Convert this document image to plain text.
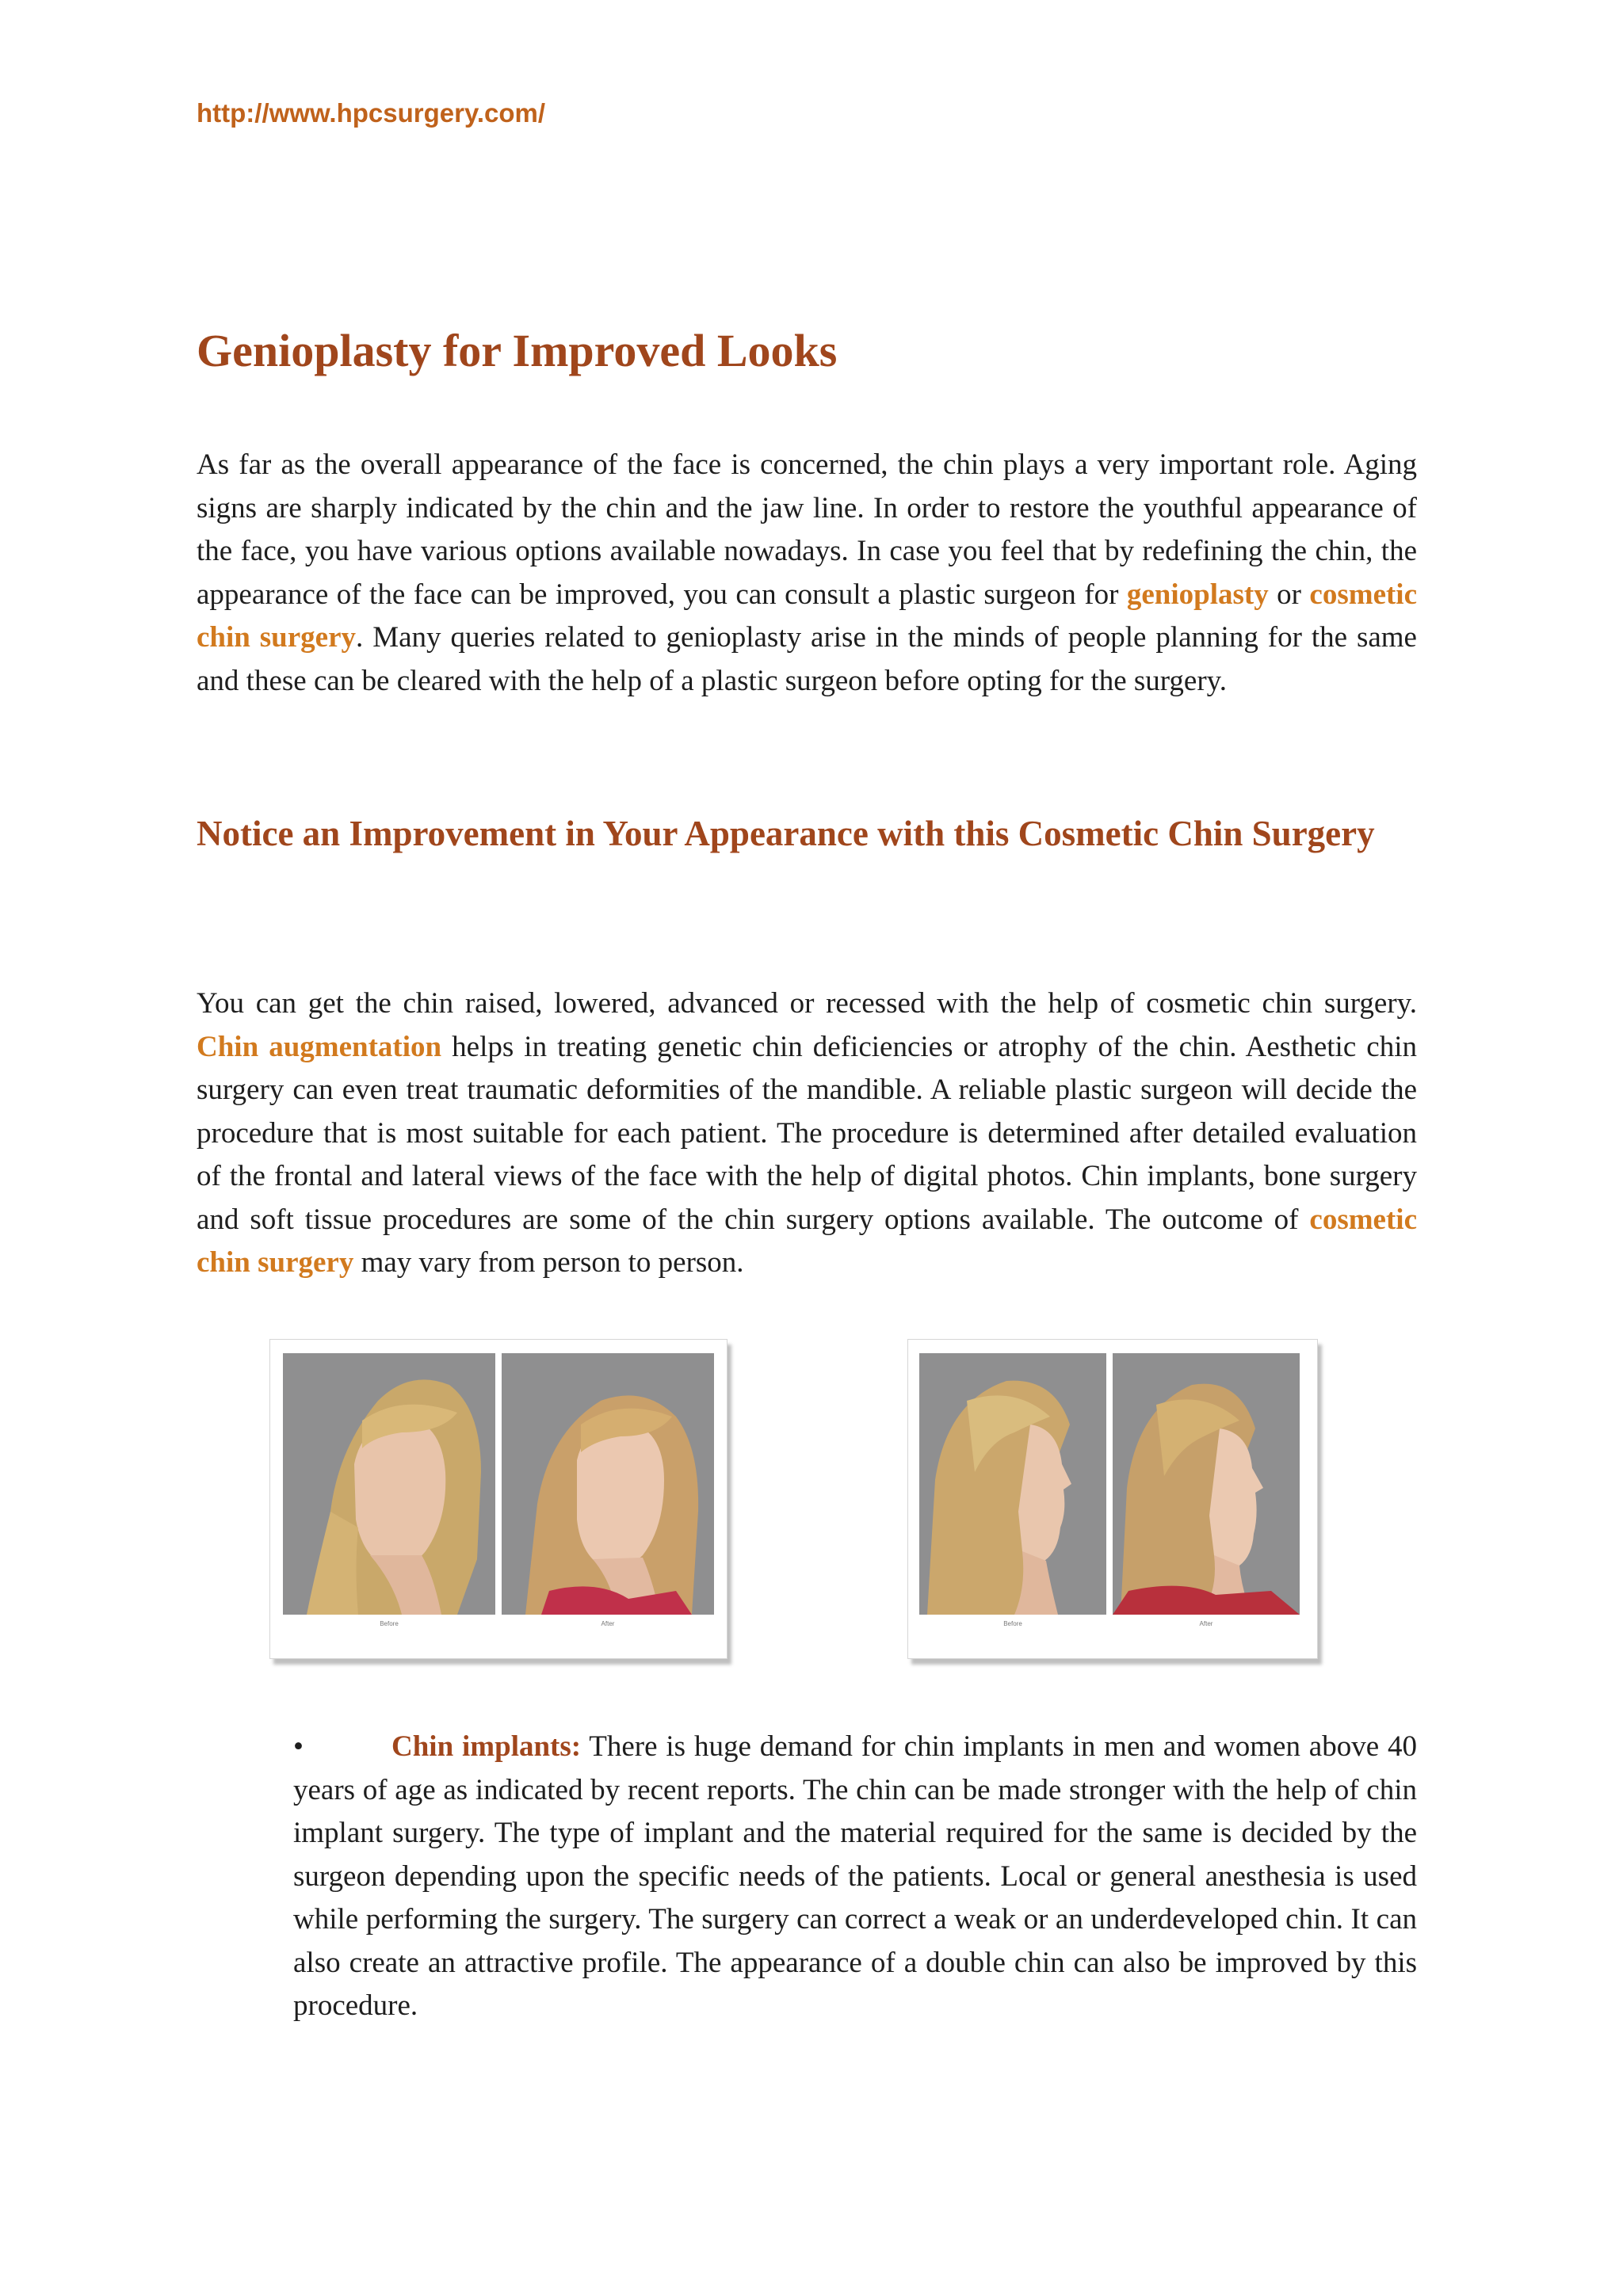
http://www.hpcsurgery.com/
Genioplasty for Improved Looks

As far as the overall appearance of the face is concerned, the chin plays a very important role. Aging signs are sharply indicated by the chin and the jaw line. In order to restore the youthful appearance of the face, you have various options available nowadays. In case you feel that by redefining the chin, the appearance of the face can be improved, you can consult a plastic surgeon for genioplasty or cosmetic chin surgery. Many queries related to genioplasty arise in the minds of people planning for the same and these can be cleared with the help of a plastic surgeon before opting for the surgery.

Notice an Improvement in Your Appearance with this Cosmetic Chin Surgery

You can get the chin raised, lowered, advanced or recessed with the help of cosmetic chin surgery. Chin augmentation helps in treating genetic chin deficiencies or atrophy of the chin. Aesthetic chin surgery can even treat traumatic deformities of the mandible. A reliable plastic surgeon will decide the procedure that is most suitable for each patient. The procedure is determined after detailed evaluation of the frontal and lateral views of the face with the help of digital photos. Chin implants, bone surgery and soft tissue procedures are some of the chin surgery options available. The outcome of cosmetic chin surgery may vary from person to person.

Before	After	Before	After

•	Chin implants: There is huge demand for chin implants in men and women above 40 years of age as indicated by recent reports. The chin can be made stronger with the help of chin implant surgery. The type of implant and the material required for the same is decided by the surgeon depending upon the specific needs of the patients. Local or general anesthesia is used while performing the surgery. The surgery can correct a weak or an underdeveloped chin. It can also create an attractive profile. The appearance of a double chin can also be improved by this procedure.
